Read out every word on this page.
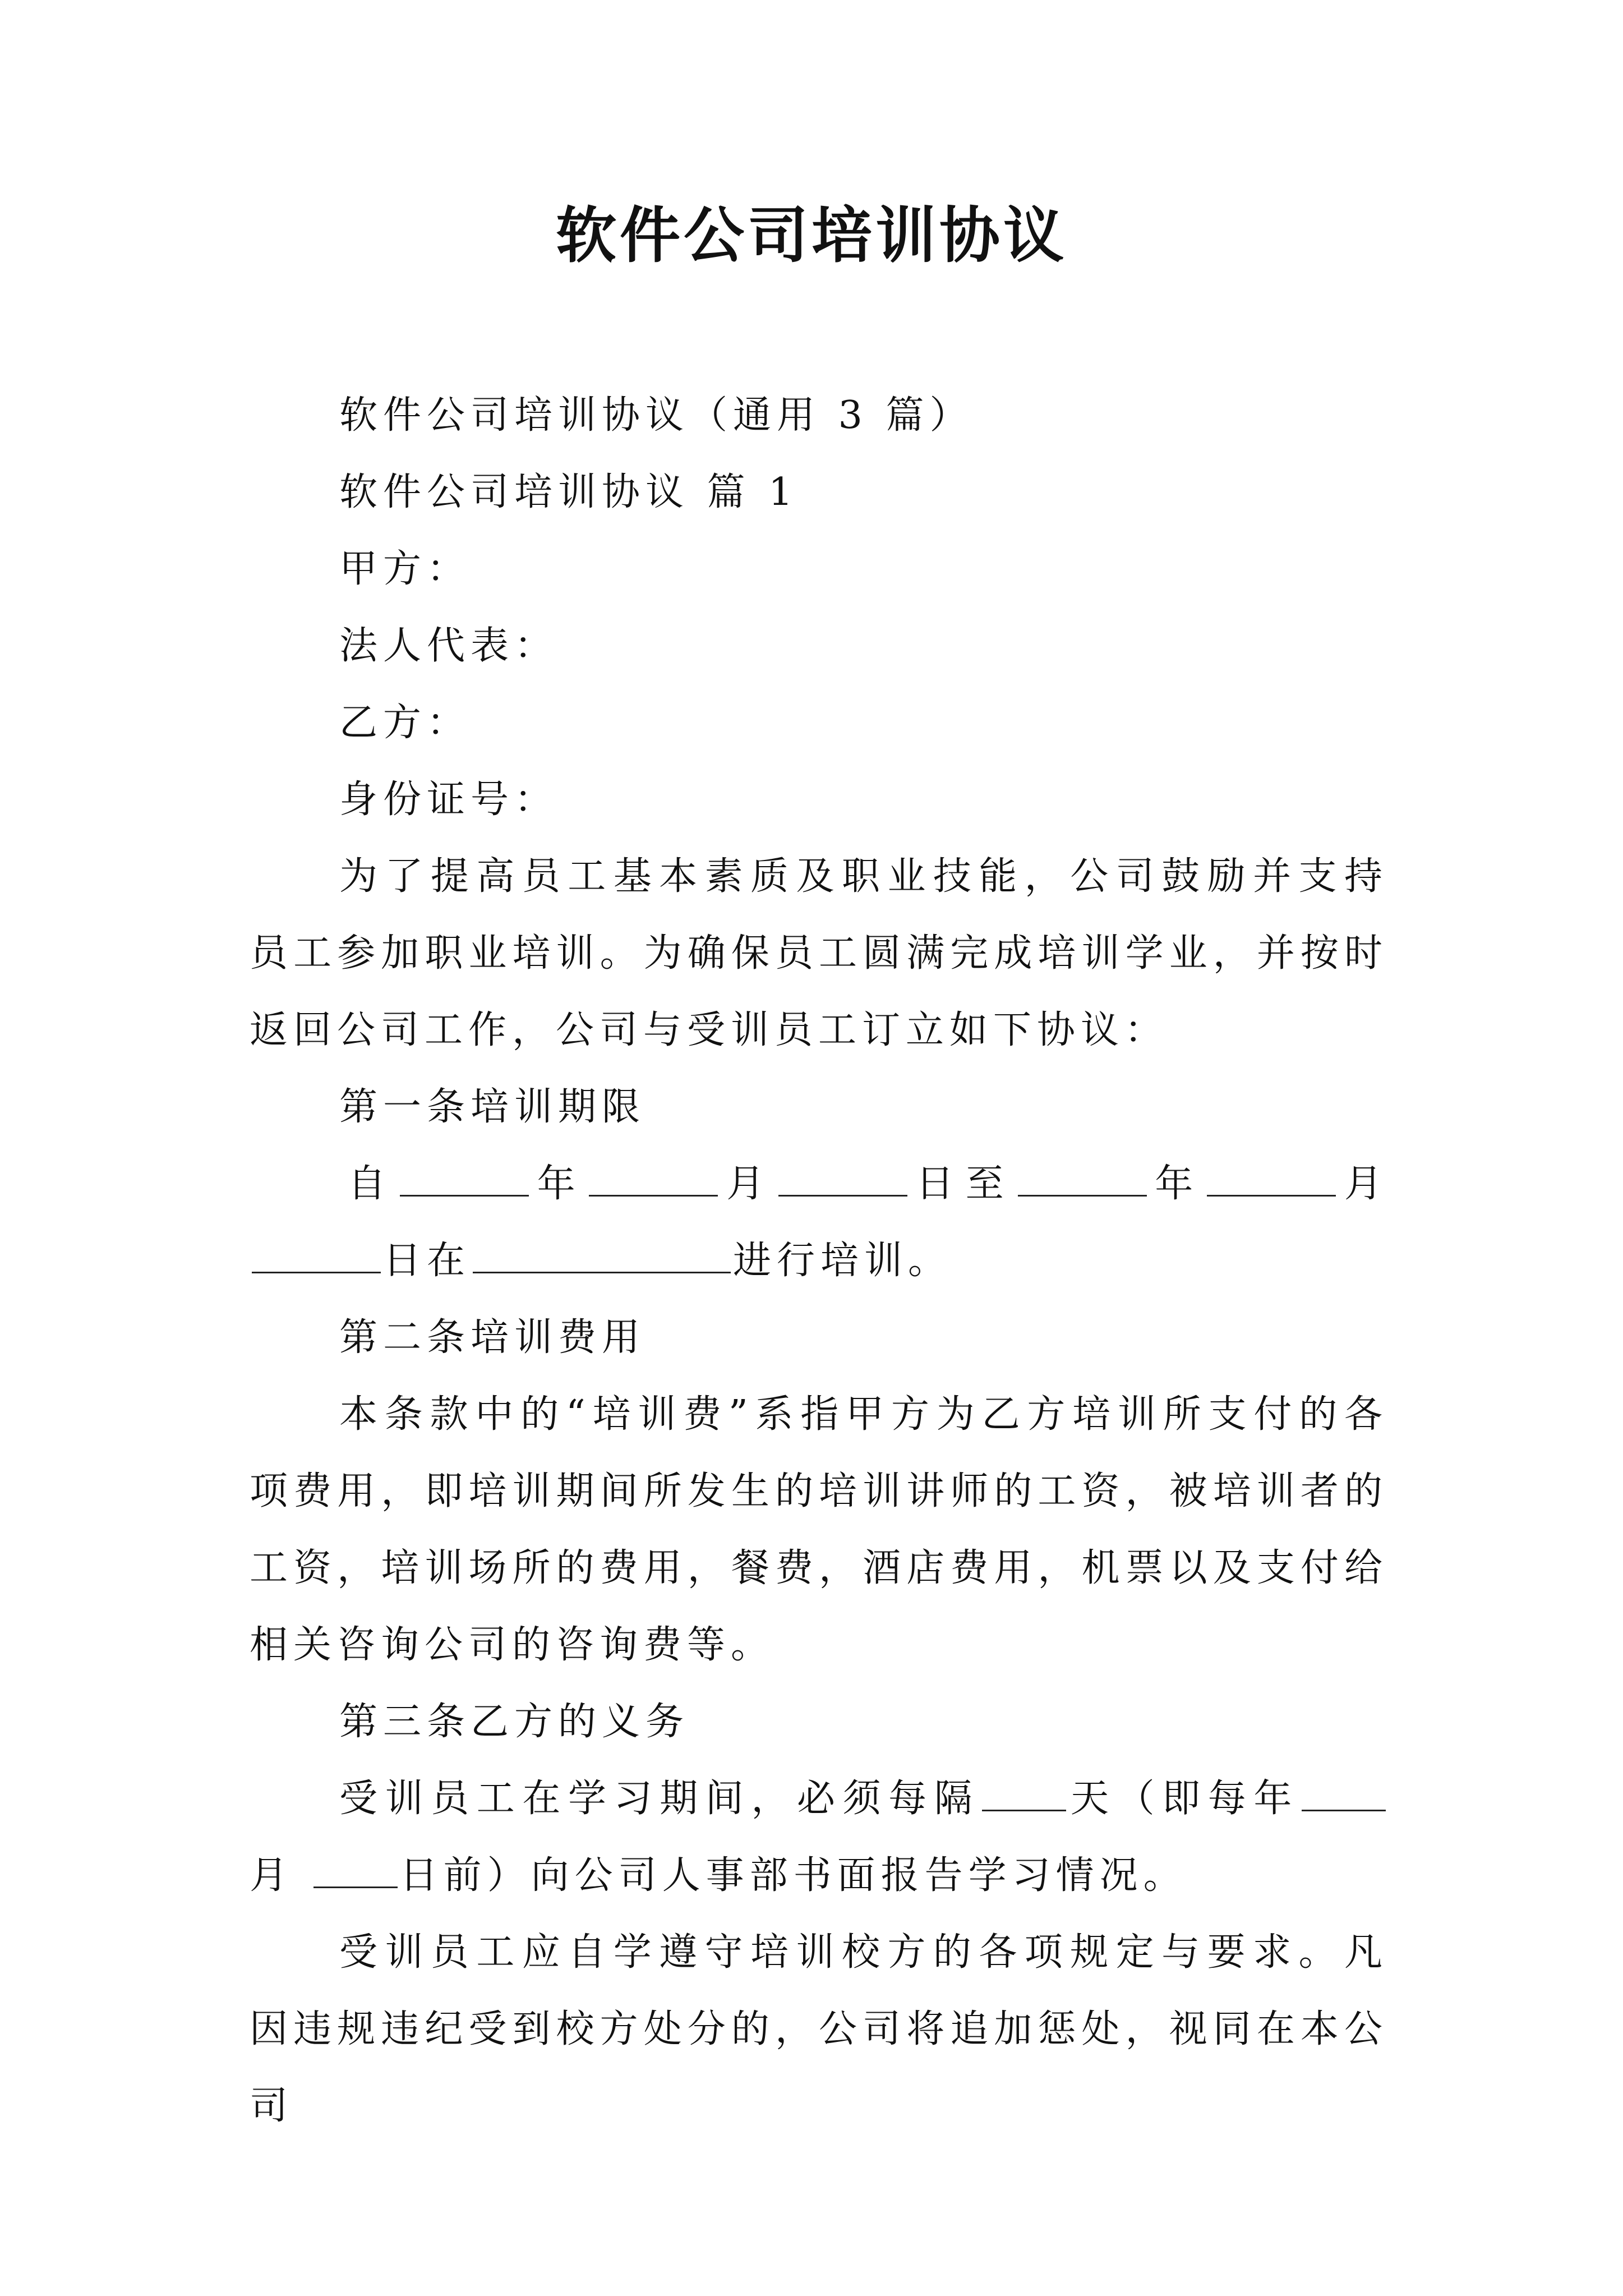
软件公司培训协议

软件公司培训协议（通用 3 篇）

软件公司培训协议 篇 1

甲方：

法人代表：

乙方：

身份证号：

为了提高员工基本素质及职业技能，公司鼓励并支持员工参加职业培训。为确保员工圆满完成培训学业，并按时返回公司工作，公司与受训员工订立如下协议：

第一条培训期限

自	年	月	日至	年	月 日在	进行培训。

第二条培训费用

本条款中的“培训费”系指甲方为乙方培训所支付的各项费用，即培训期间所发生的培训讲师的工资，被培训者的工资，培训场所的费用，餐费，酒店费用，机票以及支付给相关咨询公司的咨询费等。

第三条乙方的义务

受训员工在学习期间，必须每隔 天（即每年月	日前）向公司人事部书面报告学习情况。

受训员工应自学遵守培训校方的各项规定与要求。凡因违规违纪受到校方处分的，公司将追加惩处，视同在本公司
